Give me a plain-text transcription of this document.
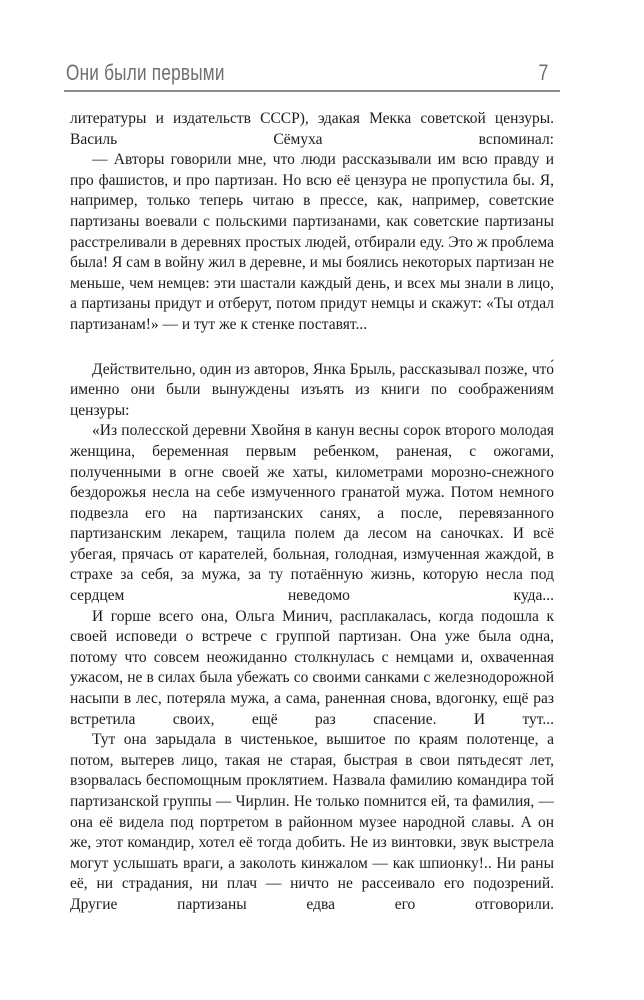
Они были первыми	7

литературы и издательств СССР), эдакая Мекка советской цензуры. Василь Сёмуха вспоминал:

— Авторы говорили мне, что люди рассказывали им всю правду и про фашистов, и про партизан. Но всю её цензура не пропустила бы. Я, например, только теперь читаю в прессе, как, например, советские партизаны воевали с польскими партизанами, как советские партизаны расстреливали в деревнях простых людей, отбирали еду. Это ж проблема была! Я сам в войну жил в деревне, и мы боялись некоторых партизан не меньше, чем немцев: эти шастали каждый день, и всех мы знали в лицо, а партизаны придут и отберут, потом придут немцы и скажут: «Ты отдал партизанам!» — и тут же к стенке поставят...

Действительно, один из авторов, Янка Брыль, рассказывал позже, что́ именно они были вынуждены изъять из книги по соображениям цензуры:

«Из полесской деревни Хвойня в канун весны сорок второго молодая женщина, беременная первым ребенком, раненая, с ожогами, полученными в огне своей же хаты, километрами морозно-снежного бездорожья несла на себе измученного гранатой мужа. Потом немного подвезла его на партизанских санях, а после, перевязанного партизанским лекарем, тащила полем да лесом на саночках. И всё убегая, прячась от карателей, больная, голодная, измученная жаждой, в страхе за себя, за мужа, за ту потаённую жизнь, которую несла под сердцем неведомо куда...

И горше всего она, Ольга Минич, расплакалась, когда подошла к своей исповеди о встрече с группой партизан. Она уже была одна, потому что совсем неожиданно столкнулась с немцами и, охваченная ужасом, не в силах была убежать со своими санками с железнодорожной насыпи в лес, потеряла мужа, а сама, раненная снова, вдогонку, ещё раз встретила своих, ещё раз спасение. И тут...

Тут она зарыдала в чистенькое, вышитое по краям полотенце, а потом, вытерев лицо, такая не старая, быстрая в свои пятьдесят лет, взорвалась беспомощным проклятием. Назвала фамилию командира той партизанской группы — Чирлин. Не только помнится ей, та фамилия, — она её видела под портретом в районном музее народной славы. А он же, этот командир, хотел её тогда добить. Не из винтовки, звук выстрела могут услышать враги, а заколоть кинжалом — как шпионку!.. Ни раны её, ни страдания, ни плач — ничто не рассеивало его подозрений. Другие партизаны едва его отговорили.
